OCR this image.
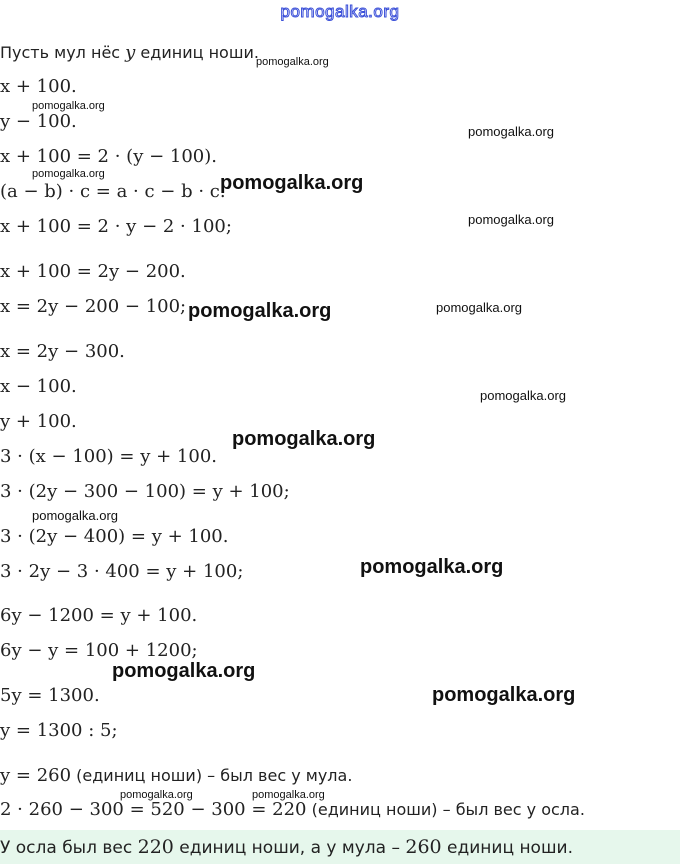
pomogalka.org
Пусть мул нёс y единиц ноши.
x + 100.
y − 100.
x + 100 = 2 · (y − 100).
(a − b) · c = a · c − b · c.
x + 100 = 2 · y − 2 · 100;
x + 100 = 2y − 200.
x = 2y − 200 − 100;
x = 2y − 300.
x − 100.
y + 100.
3 · (x − 100) = y + 100.
3 · (2y − 300 − 100) = y + 100;
3 · (2y − 400) = y + 100.
3 · 2y − 3 · 400 = y + 100;
6y − 1200 = y + 100.
6y − y = 100 + 1200;
5y = 1300.
y = 1300 : 5;
y = 260 (единиц ноши) – был вес у мула.
2 · 260 − 300 = 520 − 300 = 220 (единиц ноши) – был вес у осла.
У осла был вес 220 единиц ноши, а у мула – 260 единиц ноши.
pomogalka.org
pomogalka.org
pomogalka.org
pomogalka.org	pomogalka.org
pomogalka.org
pomogalka.org	pomogalka.org
pomogalka.org
pomogalka.org
pomogalka.org
pomogalka.org
pomogalka.org
pomogalka.org
pomogalka.org	pomogalka.org
